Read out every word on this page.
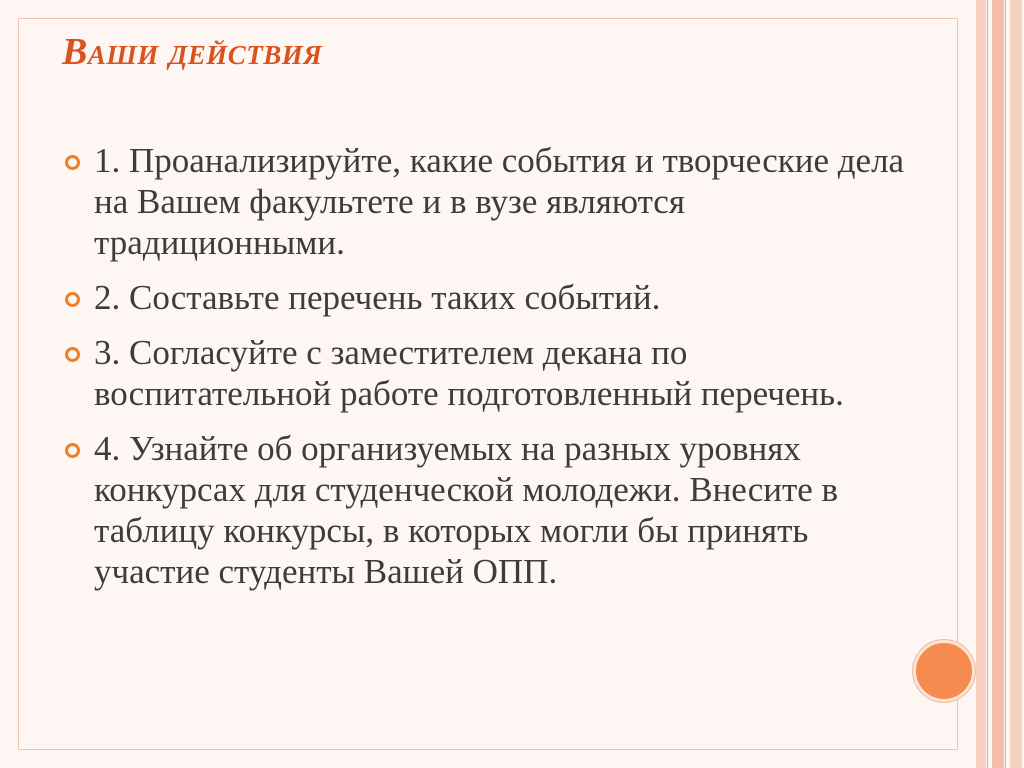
Ваши действия
1. Проанализируйте, какие события и творческие дела на Вашем факультете и в вузе являются традиционными.
2. Составьте перечень таких событий.
3. Согласуйте с заместителем декана по воспитательной работе подготовленный перечень.
4. Узнайте об организуемых на разных уровнях конкурсах для студенческой молодежи. Внесите в таблицу конкурсы, в которых могли бы принять участие студенты Вашей ОПП.
